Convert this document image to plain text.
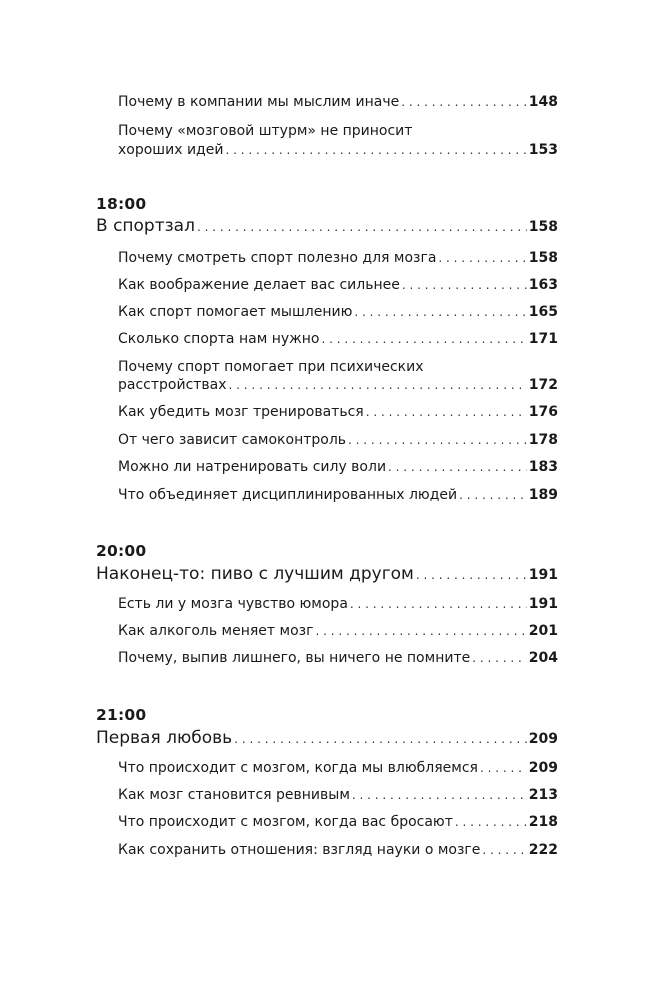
Почему в компании мы мыслим иначе . . .	148
Почему «мозговой штурм» не приносит
хороших идей . . .	153
18:00
В спортзал . . .	158
Почему смотреть спорт полезно для мозга . . .	158
Как воображение делает вас сильнее . . .	163
Как спорт помогает мышлению . . .	165
Сколько спорта нам нужно . . .	171
Почему спорт помогает при психических
расстройствах . . .	172
Как убедить мозг тренироваться . . .	176
От чего зависит самоконтроль . . .	178
Можно ли натренировать силу воли . . .	183
Что объединяет дисциплинированных людей . . .	189
20:00
Наконец-то: пиво с лучшим другом . . .	191
Есть ли у мозга чувство юмора . . .	191
Как алкоголь меняет мозг . . .	201
Почему, выпив лишнего, вы ничего не помните . . .	204
21:00
Первая любовь . . .	209
Что происходит с мозгом, когда мы влюбляемся . . .	209
Как мозг становится ревнивым . . .	213
Что происходит с мозгом, когда вас бросают . . .	218
Как сохранить отношения: взгляд науки о мозге . . .	222
